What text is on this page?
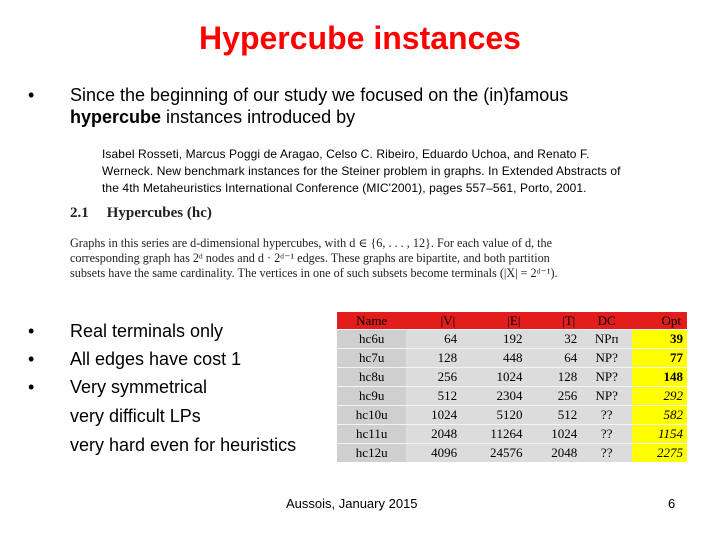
Hypercube instances
• Since the beginning of our study we focused on the (in)famous
hypercube instances introduced by
Isabel Rosseti, Marcus Poggi de Aragao, Celso C. Ribeiro, Eduardo Uchoa, and Renato F.
Werneck. New benchmark instances for the Steiner problem in graphs. In Extended Abstracts of
the 4th Metaheuristics International Conference (MIC'2001), pages 557–561, Porto, 2001.
2.1 Hypercubes (hc)
Graphs in this series are d-dimensional hypercubes, with d ∈ {6, . . . , 12}. For each value of d, the
corresponding graph has 2ᵈ nodes and d · 2ᵈ⁻¹ edges. These graphs are bipartite, and both partition
subsets have the same cardinality. The vertices in one of such subsets become terminals (|X| = 2ᵈ⁻¹).
• Real terminals only
• All edges have cost 1
• Very symmetrical
very difficult LPs
very hard even for heuristics
Name	|V|	|E|	|T|	DC	Opt
hc6u	64	192	32	NPп	39
hc7u	128	448	64	NP?	77
hc8u	256	1024	128	NP?	148
hc9u	512	2304	256	NP?	292
hc10u	1024	5120	512	??	582
hc11u	2048	11264	1024	??	1154
hc12u	4096	24576	2048	??	2275
Aussois, January 2015	6
